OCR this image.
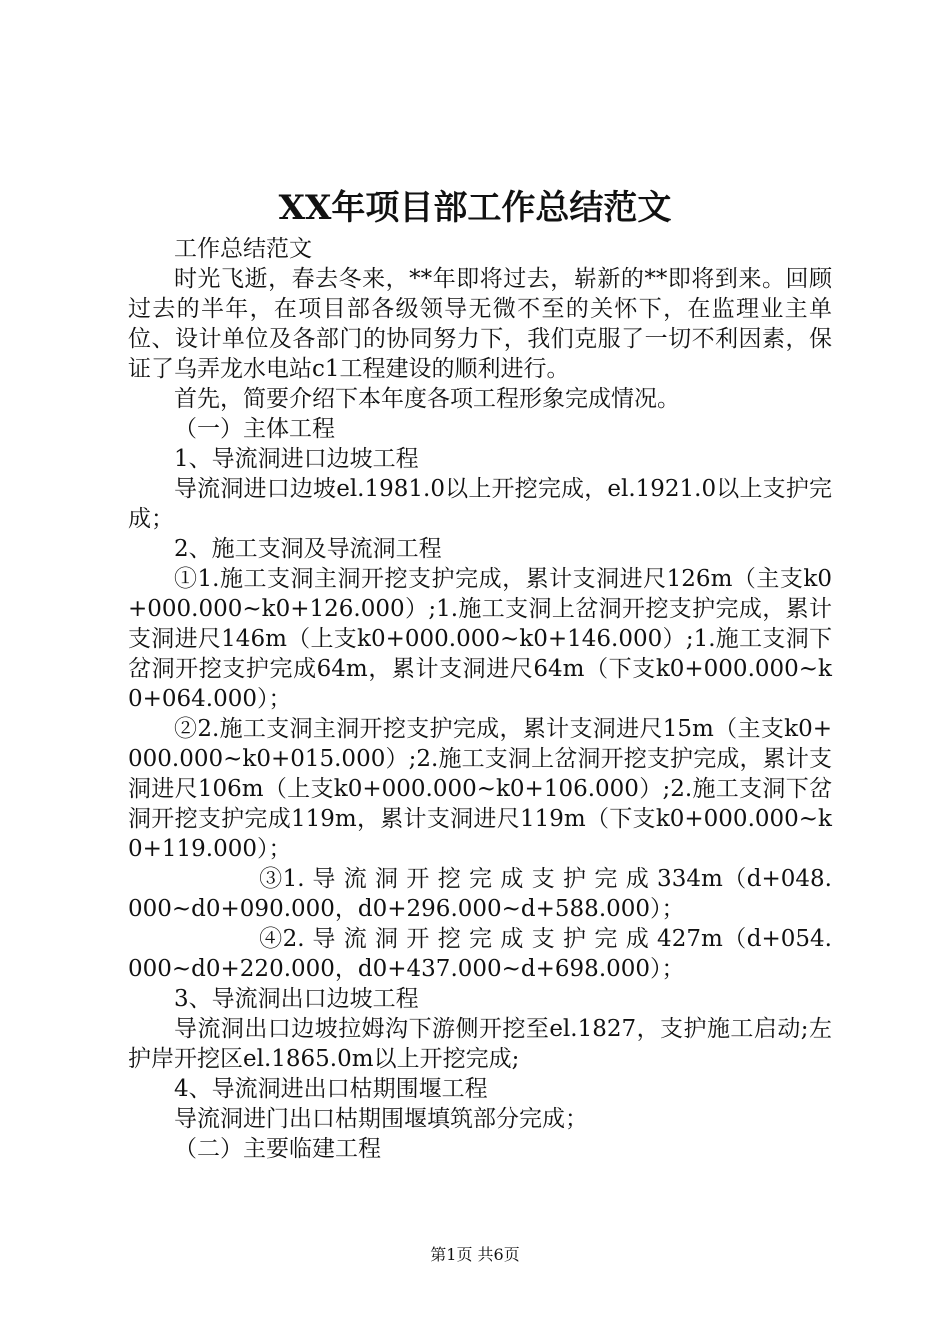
XX年项目部工作总结范文

工作总结范文

时光飞逝，春去冬来，**年即将过去，崭新的**即将到来。回顾过去的半年，在项目部各级领导无微不至的关怀下，在监理业主单位、设计单位及各部门的协同努力下，我们克服了一切不利因素，保证了乌弄龙水电站c1工程建设的顺利进行。

首先，简要介绍下本年度各项工程形象完成情况。

（一）主体工程

1、导流洞进口边坡工程

导流洞进口边坡el.1981.0以上开挖完成，el.1921.0以上支护完成；

2、施工支洞及导流洞工程

①1.施工支洞主洞开挖支护完成，累计支洞进尺126m（主支k0+000.000~k0+126.000）;1.施工支洞上岔洞开挖支护完成，累计支洞进尺146m（上支k0+000.000~k0+146.000）;1.施工支洞下岔洞开挖支护完成64m，累计支洞进尺64m（下支k0+000.000~k0+064.000）；

②2.施工支洞主洞开挖支护完成，累计支洞进尺15m（主支k0+000.000~k0+015.000）;2.施工支洞上岔洞开挖支护完成，累计支洞进尺106m（上支k0+000.000~k0+106.000）;2.施工支洞下岔洞开挖支护完成119m，累计支洞进尺119m（下支k0+000.000~k0+119.000）；

③1. 导 流 洞 开 挖 完 成 支 护 完 成 334m（d+048.000~d0+090.000，d0+296.000~d+588.000）；

④2. 导 流 洞 开 挖 完 成 支 护 完 成 427m（d+054.000~d0+220.000，d0+437.000~d+698.000）；

3、导流洞出口边坡工程

导流洞出口边坡拉姆沟下游侧开挖至el.1827，支护施工启动;左护岸开挖区el.1865.0m以上开挖完成;

4、导流洞进出口枯期围堰工程

导流洞进门出口枯期围堰填筑部分完成；

（二）主要临建工程

第1页 共6页
